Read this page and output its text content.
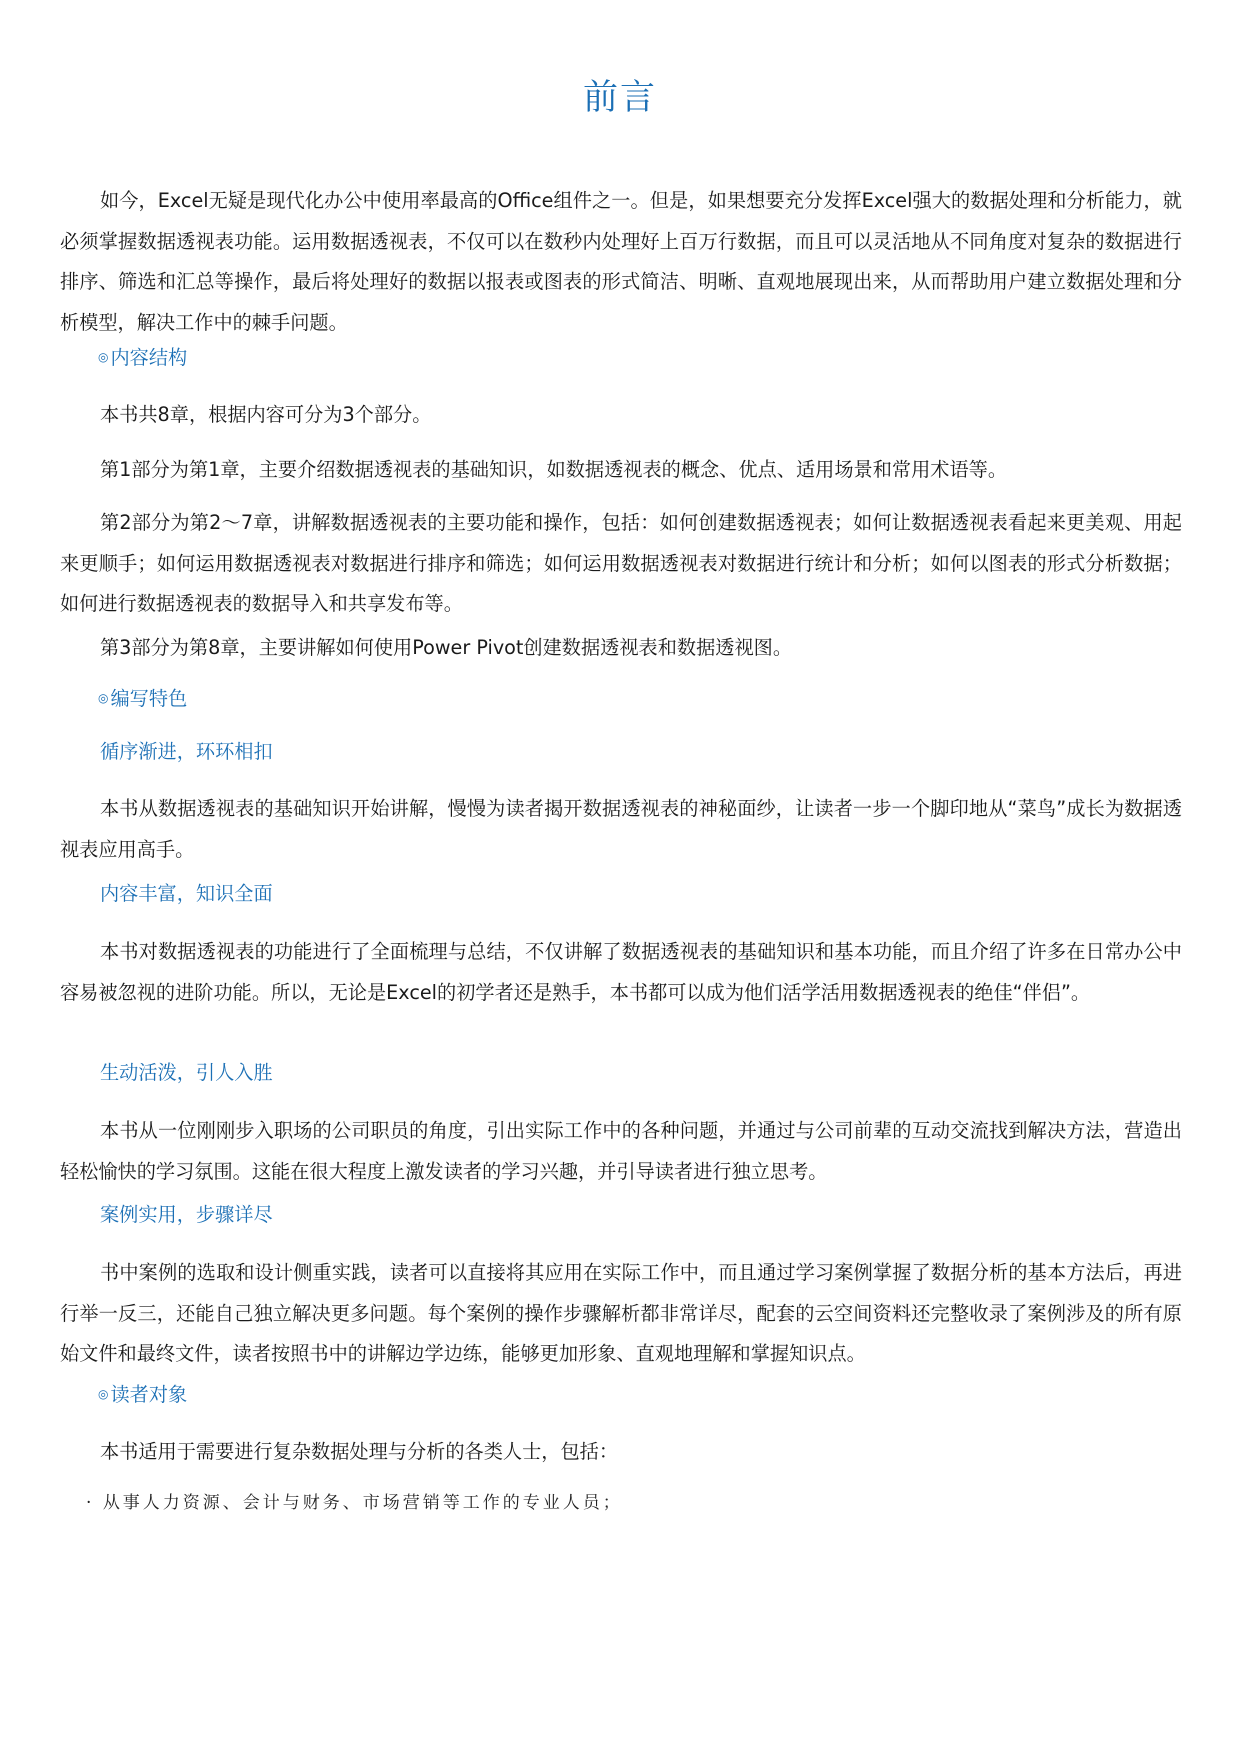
前言

如今，Excel无疑是现代化办公中使用率最高的Office组件之一。但是，如果想要充分发挥Excel强大的数据处理和分析能力，就必须掌握数据透视表功能。运用数据透视表，不仅可以在数秒内处理好上百万行数据，而且可以灵活地从不同角度对复杂的数据进行排序、筛选和汇总等操作，最后将处理好的数据以报表或图表的形式简洁、明晰、直观地展现出来，从而帮助用户建立数据处理和分析模型，解决工作中的棘手问题。

◎ 内容结构

本书共8章，根据内容可分为3个部分。

第1部分为第1章，主要介绍数据透视表的基础知识，如数据透视表的概念、优点、适用场景和常用术语等。

第2部分为第2～7章，讲解数据透视表的主要功能和操作，包括：如何创建数据透视表；如何让数据透视表看起来更美观、用起来更顺手；如何运用数据透视表对数据进行排序和筛选；如何运用数据透视表对数据进行统计和分析；如何以图表的形式分析数据；如何进行数据透视表的数据导入和共享发布等。

第3部分为第8章，主要讲解如何使用Power Pivot创建数据透视表和数据透视图。

◎ 编写特色
循序渐进，环环相扣

本书从数据透视表的基础知识开始讲解，慢慢为读者揭开数据透视表的神秘面纱，让读者一步一个脚印地从“菜鸟”成长为数据透视表应用高手。

内容丰富，知识全面

本书对数据透视表的功能进行了全面梳理与总结，不仅讲解了数据透视表的基础知识和基本功能，而且介绍了许多在日常办公中容易被忽视的进阶功能。所以，无论是Excel的初学者还是熟手，本书都可以成为他们活学活用数据透视表的绝佳“伴侣”。

生动活泼，引人入胜

本书从一位刚刚步入职场的公司职员的角度，引出实际工作中的各种问题，并通过与公司前辈的互动交流找到解决方法，营造出轻松愉快的学习氛围。这能在很大程度上激发读者的学习兴趣，并引导读者进行独立思考。

案例实用，步骤详尽

书中案例的选取和设计侧重实践，读者可以直接将其应用在实际工作中，而且通过学习案例掌握了数据分析的基本方法后，再进行举一反三，还能自己独立解决更多问题。每个案例的操作步骤解析都非常详尽，配套的云空间资料还完整收录了案例涉及的所有原始文件和最终文件，读者按照书中的讲解边学边练，能够更加形象、直观地理解和掌握知识点。

◎ 读者对象

本书适用于需要进行复杂数据处理与分析的各类人士，包括：

· 从事人力资源、会计与财务、市场营销等工作的专业人员；
